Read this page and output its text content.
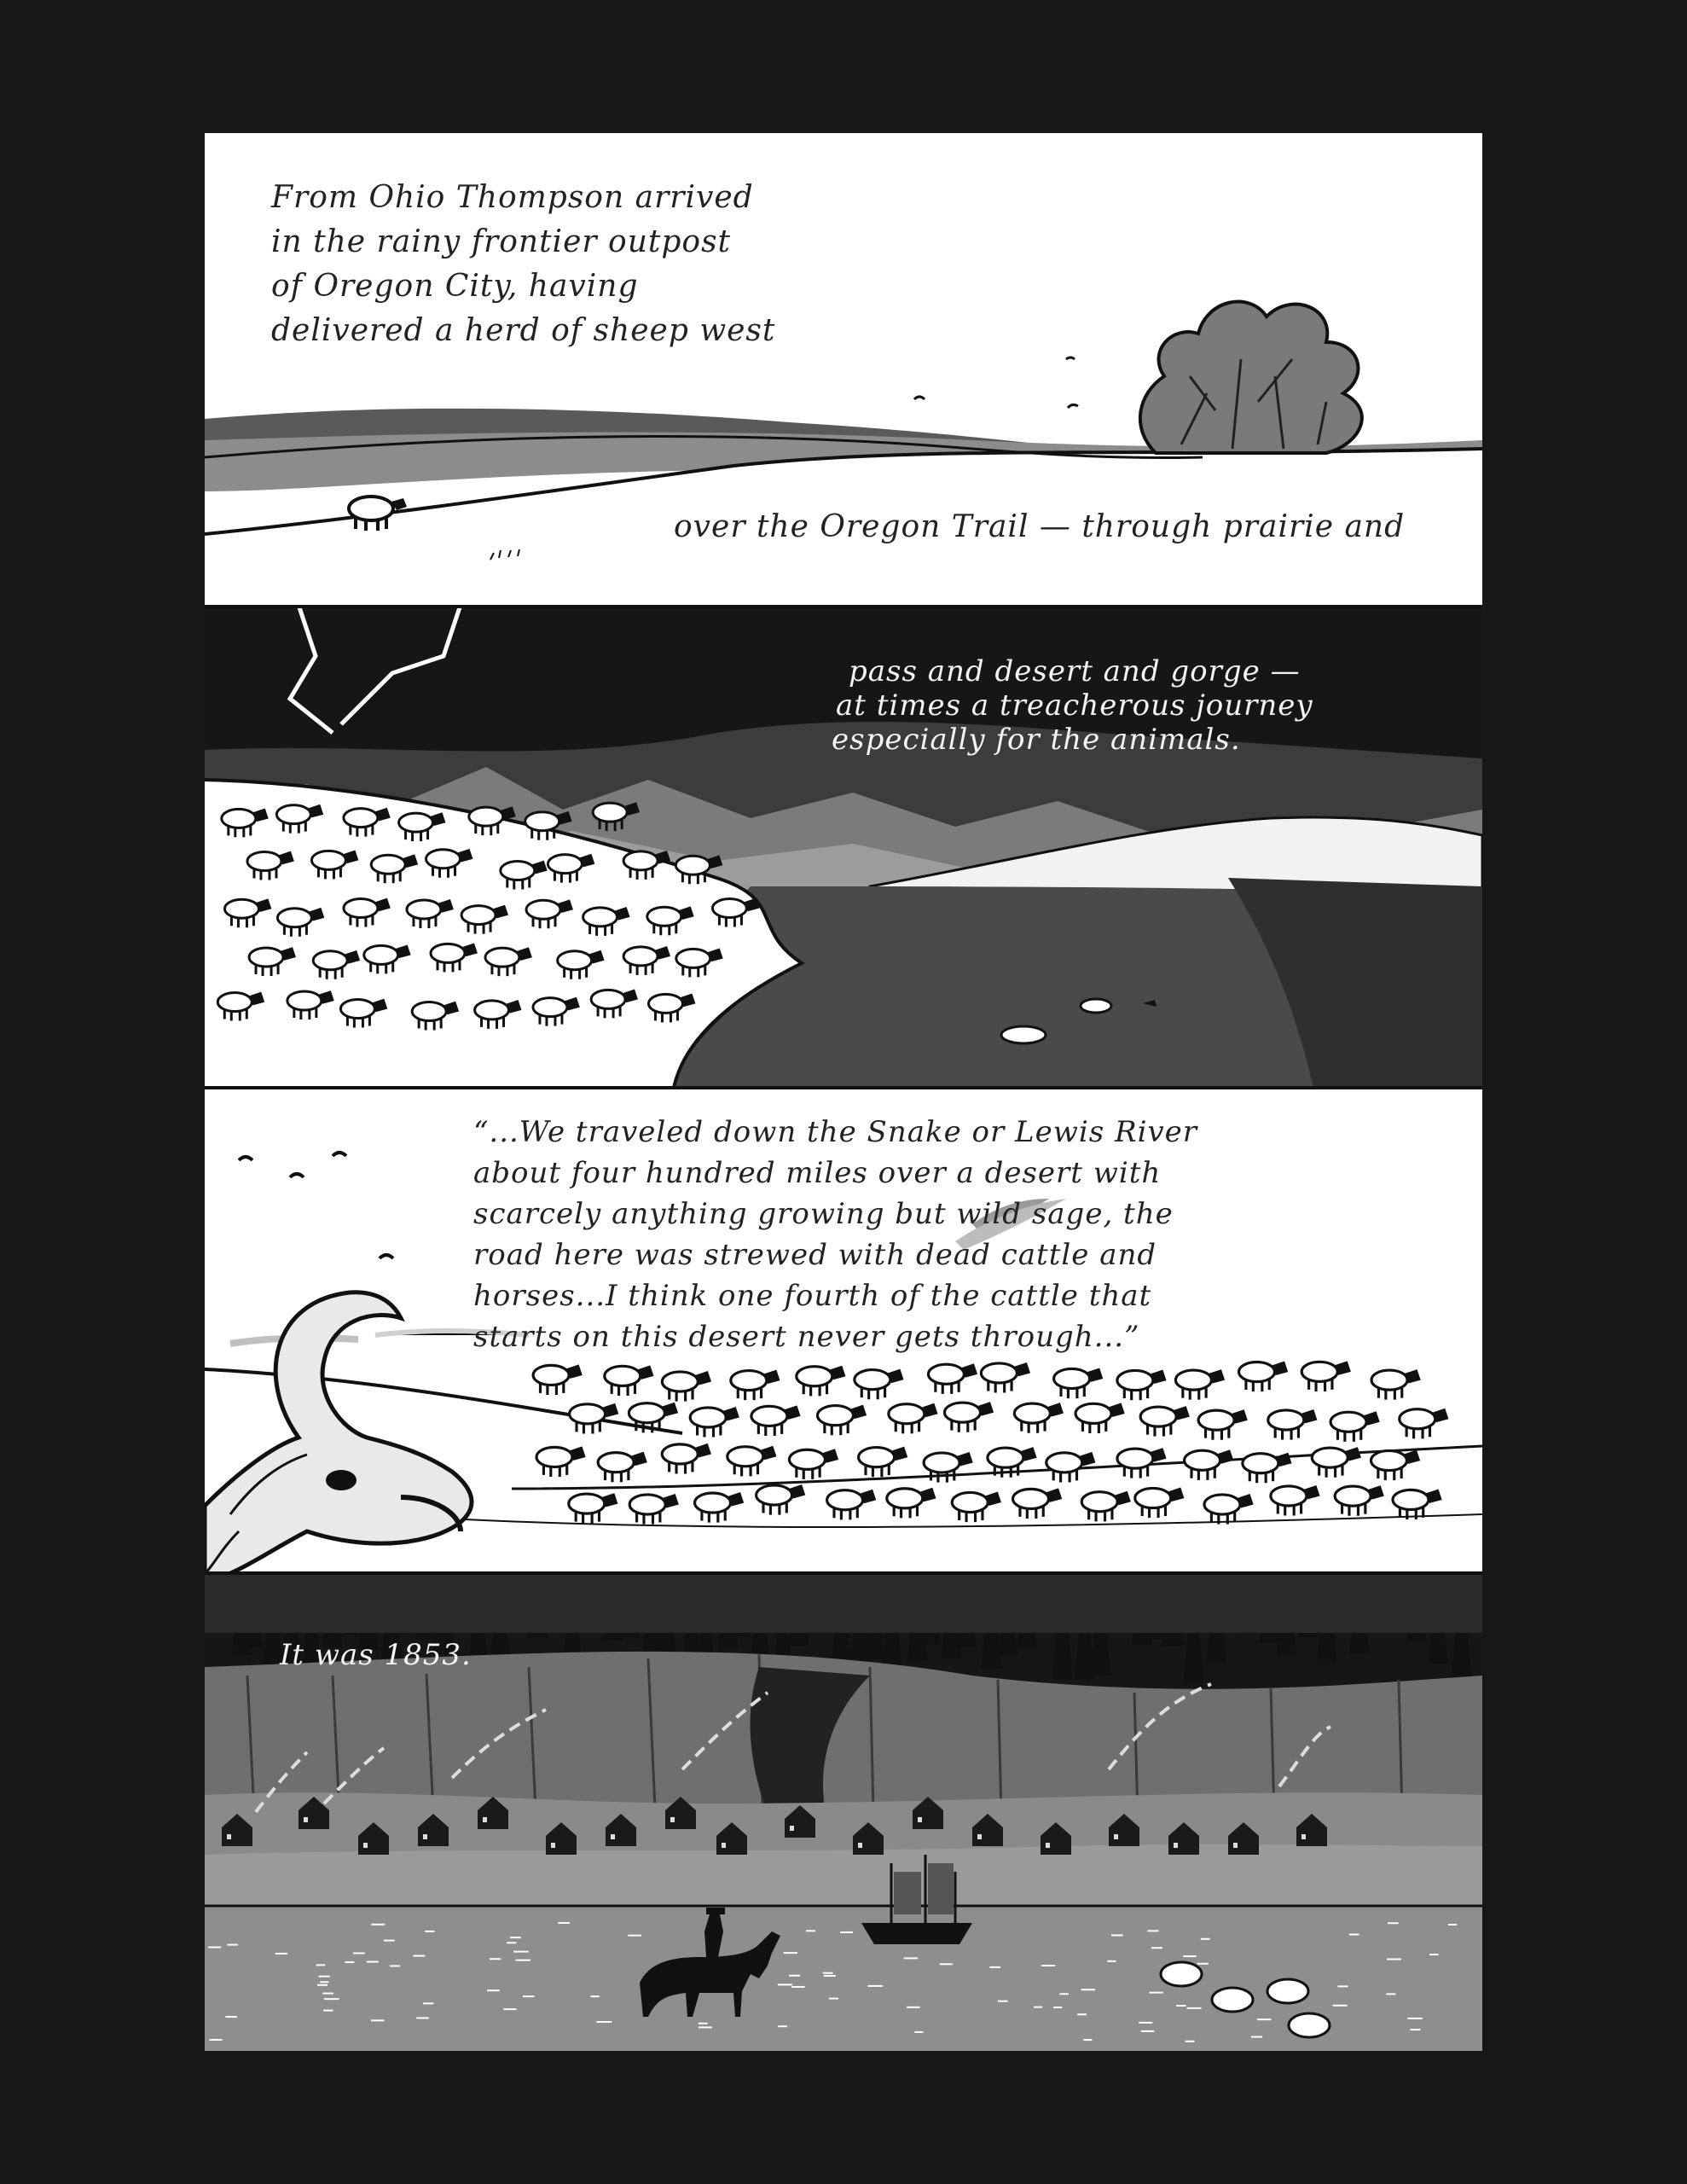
From Ohio Thompson arrived
in the rainy frontier outpost
of Oregon City, having
delivered a herd of sheep west
over the Oregon Trail — through prairie and
pass and desert and gorge —
at times a treacherous journey
especially for the animals.
“...We traveled down the Snake or Lewis River
about four hundred miles over a desert with
scarcely anything growing but wild sage, the
road here was strewed with dead cattle and
horses...I think one fourth of the cattle that
starts on this desert never gets through...”
It was 1853.
